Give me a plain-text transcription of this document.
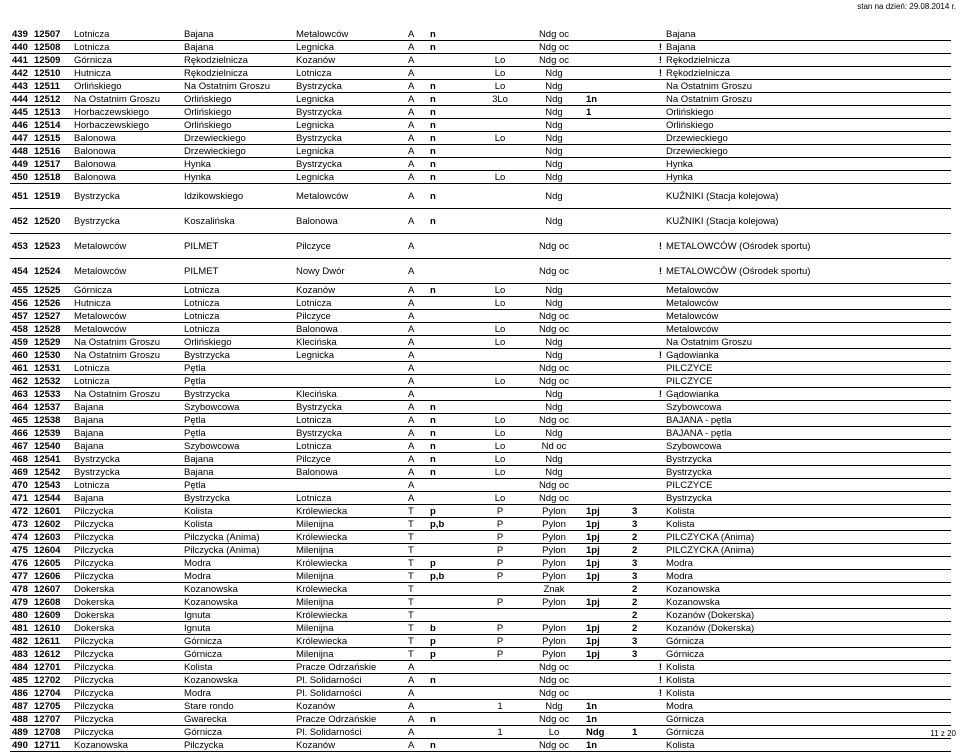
stan na dzień: 29.08.2014 r.
439	12507	Lotnicza	Bajana	Metalowców	A	n		Ndg oc				Bajana
440	12508	Lotnicza	Bajana	Legnicka	A	n		Ndg oc			!	Bajana
441	12509	Górnicza	Rękodzielnicza	Kozanów	A		Lo	Ndg oc			!	Rękodzielnicza
442	12510	Hutnicza	Rękodzielnicza	Lotnicza	A		Lo	Ndg			!	Rękodzielnicza
443	12511	Orlińskiego	Na Ostatnim Groszu	Bystrzycka	A	n	Lo	Ndg				Na Ostatnim Groszu
444	12512	Na Ostatnim Groszu	Orlińskiego	Legnicka	A	n	3Lo	Ndg	1n			Na Ostatnim Groszu
445	12513	Horbaczewskiego	Orlińskiego	Bystrzycka	A	n		Ndg	1			Orlińskiego
446	12514	Horbaczewskiego	Orlińskiego	Legnicka	A	n		Ndg				Orlińskiego
447	12515	Balonowa	Drzewieckiego	Bystrzycka	A	n	Lo	Ndg				Drzewieckiego
448	12516	Balonowa	Drzewieckiego	Legnicka	A	n		Ndg				Drzewieckiego
449	12517	Balonowa	Hynka	Bystrzycka	A	n		Ndg				Hynka
450	12518	Balonowa	Hynka	Legnicka	A	n	Lo	Ndg				Hynka
451	12519	Bystrzycka	Idzikowskiego	Metalowców	A	n		Ndg				KUŹNIKI (Stacja kolejowa)
452	12520	Bystrzycka	Koszalińska	Balonowa	A	n		Ndg				KUŹNIKI (Stacja kolejowa)
453	12523	Metalowców	PILMET	Pilczyce	A			Ndg oc			!	METALOWCÓW (Ośrodek sportu)
454	12524	Metalowców	PILMET	Nowy Dwór	A			Ndg oc			!	METALOWCÓW (Ośrodek sportu)
455	12525	Górnicza	Lotnicza	Kozanów	A	n	Lo	Ndg				Metalowców
456	12526	Hutnicza	Lotnicza	Lotnicza	A		Lo	Ndg				Metalowców
457	12527	Metalowców	Lotnicza	Pilczyce	A			Ndg oc				Metalowców
458	12528	Metalowców	Lotnicza	Balonowa	A		Lo	Ndg oc				Metalowców
459	12529	Na Ostatnim Groszu	Orlińskiego	Klecińska	A		Lo	Ndg				Na Ostatnim Groszu
460	12530	Na Ostatnim Groszu	Bystrzycka	Legnicka	A			Ndg			!	Gądowianka
461	12531	Lotnicza	Pętla		A			Ndg oc				PILCZYCE
462	12532	Lotnicza	Pętla		A		Lo	Ndg oc				PILCZYCE
463	12533	Na Ostatnim Groszu	Bystrzycka	Klecińska	A			Ndg			!	Gądowianka
464	12537	Bajana	Szybowcowa	Bystrzycka	A	n		Ndg				Szybowcowa
465	12538	Bajana	Pętla	Lotnicza	A	n	Lo	Ndg oc				BAJANA - pętla
466	12539	Bajana	Pętla	Bystrzycka	A	n	Lo	Ndg				BAJANA - pętla
467	12540	Bajana	Szybowcowa	Lotnicza	A	n	Lo	Nd oc				Szybowcowa
468	12541	Bystrzycka	Bajana	Pilczyce	A	n	Lo	Ndg				Bystrzycka
469	12542	Bystrzycka	Bajana	Balonowa	A	n	Lo	Ndg				Bystrzycka
470	12543	Lotnicza	Pętla		A			Ndg oc				PILCZYCE
471	12544	Bajana	Bystrzycka	Lotnicza	A		Lo	Ndg oc				Bystrzycka
472	12601	Pilczycka	Kolista	Królewiecka	T	p	P	Pylon	1pj	3		Kolista
473	12602	Pilczycka	Kolista	Milenijna	T	p,b	P	Pylon	1pj	3		Kolista
474	12603	Pilczycka	Pilczycka (Anima)	Królewiecka	T		P	Pylon	1pj	2		PILCZYCKA (Anima)
475	12604	Pilczycka	Pilczycka (Anima)	Milenijna	T		P	Pylon	1pj	2		PILCZYCKA (Anima)
476	12605	Pilczycka	Modra	Królewiecka	T	p	P	Pylon	1pj	3		Modra
477	12606	Pilczycka	Modra	Milenijna	T	p,b	P	Pylon	1pj	3		Modra
478	12607	Dokerska	Kozanowska	Królewiecka	T			Znak		2		Kozanowska
479	12608	Dokerska	Kozanowska	Milenijna	T		P	Pylon	1pj	2		Kozanowska
480	12609	Dokerska	Ignuta	Królewiecka	T					2		Kozanów (Dokerska)
481	12610	Dokerska	Ignuta	Milenijna	T	b	P	Pylon	1pj	2		Kozanów (Dokerska)
482	12611	Pilczycka	Górnicza	Królewiecka	T	p	P	Pylon	1pj	3		Górnicza
483	12612	Pilczycka	Górnicza	Milenijna	T	p	P	Pylon	1pj	3		Górnicza
484	12701	Pilczycka	Kolista	Pracze Odrzańskie	A			Ndg oc			!	Kolista
485	12702	Pilczycka	Kozanowska	Pl. Solidarności	A	n		Ndg oc			!	Kolista
486	12704	Pilczycka	Modra	Pl. Solidarności	A			Ndg oc			!	Kolista
487	12705	Pilczycka	Stare rondo	Kozanów	A		1	Ndg	1n			Modra
488	12707	Pilczycka	Gwarecka	Pracze Odrzańskie	A	n		Ndg oc	1n			Górnicza
489	12708	Pilczycka	Górnicza	Pl. Solidarności	A		1	Lo	Ndg	1		Górnicza
490	12711	Kozanowska	Pilczycka	Kozanów	A	n		Ndg oc	1n			Kolista
11 z 20
